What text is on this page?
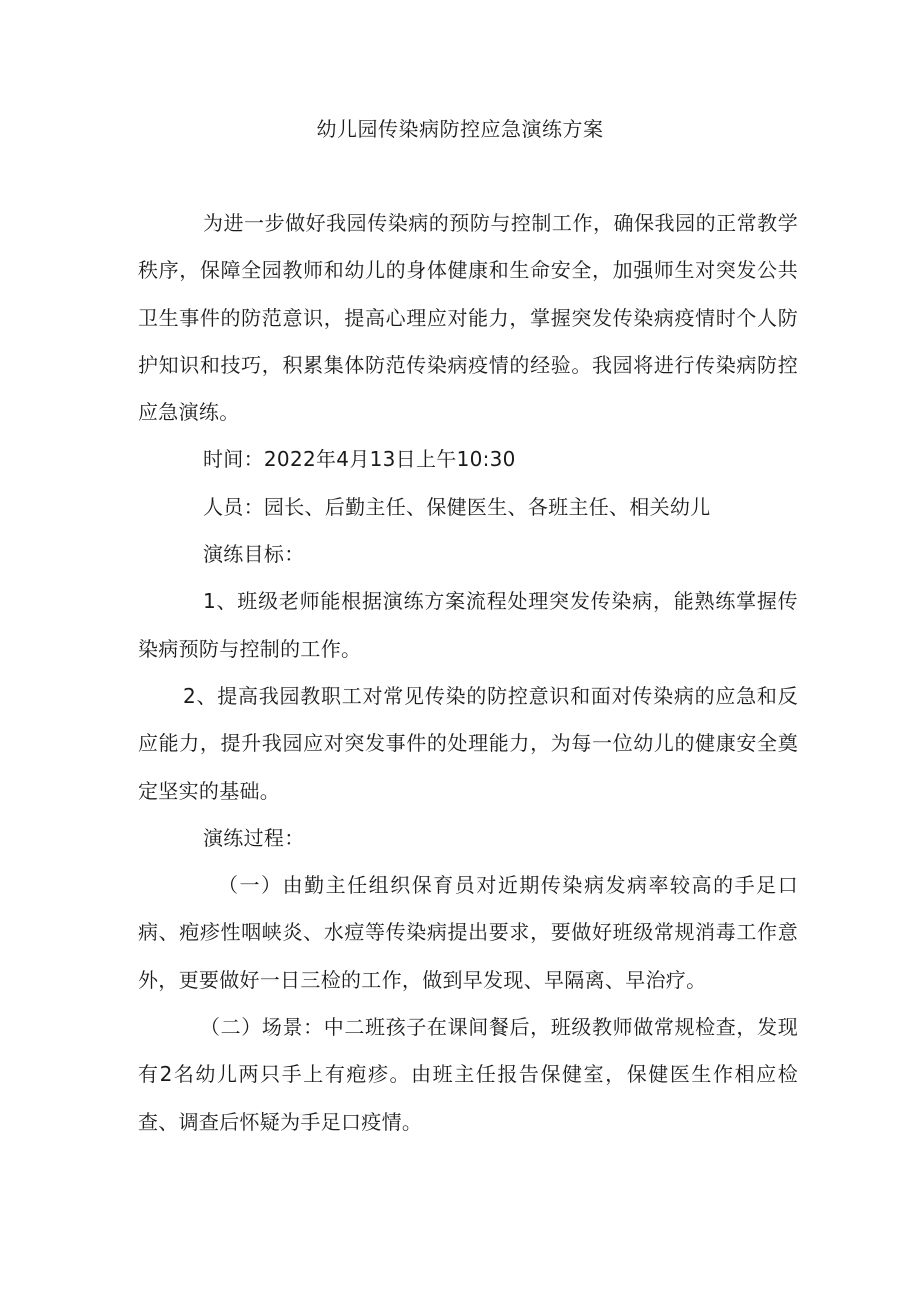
幼儿园传染病防控应急演练方案

为进一步做好我园传染病的预防与控制工作，确保我园的正常教学秩序，保障全园教师和幼儿的身体健康和生命安全，加强师生对突发公共卫生事件的防范意识，提高心理应对能力，掌握突发传染病疫情时个人防护知识和技巧，积累集体防范传染病疫情的经验。我园将进行传染病防控应急演练。

时间：2022年4月13日上午10:30

人员：园长、后勤主任、保健医生、各班主任、相关幼儿

演练目标：

1、班级老师能根据演练方案流程处理突发传染病，能熟练掌握传染病预防与控制的工作。

2、提高我园教职工对常见传染的防控意识和面对传染病的应急和反应能力，提升我园应对突发事件的处理能力，为每一位幼儿的健康安全奠定坚实的基础。

演练过程：

（一）由勤主任组织保育员对近期传染病发病率较高的手足口病、疱疹性咽峡炎、水痘等传染病提出要求，要做好班级常规消毒工作意外，更要做好一日三检的工作，做到早发现、早隔离、早治疗。

（二）场景：中二班孩子在课间餐后，班级教师做常规检查，发现有2名幼儿两只手上有疱疹。由班主任报告保健室，保健医生作相应检查、调查后怀疑为手足口疫情。
